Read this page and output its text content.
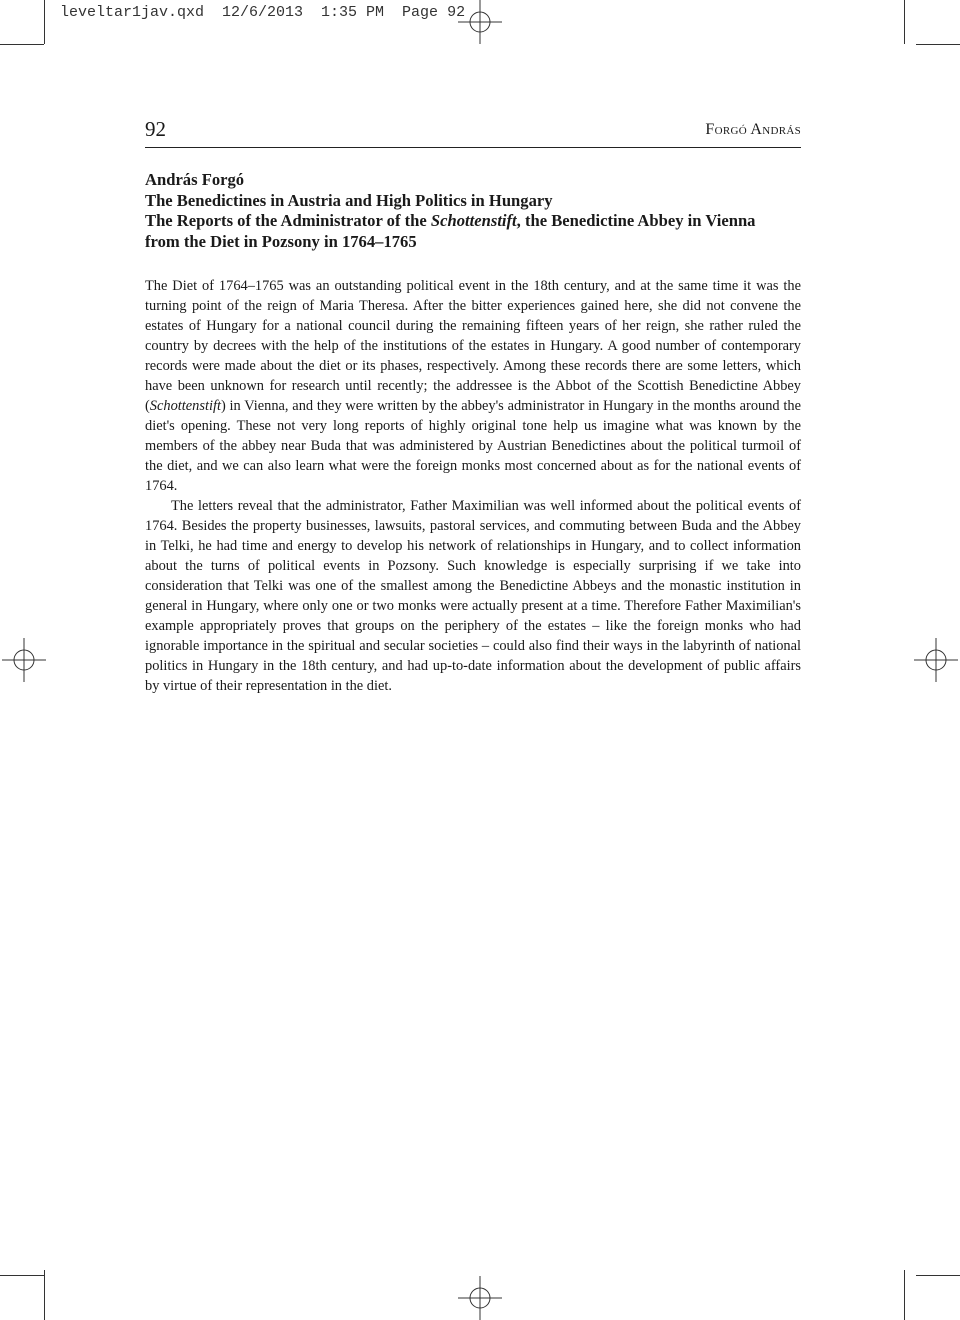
leveltar1jav.qxd  12/6/2013  1:35 PM  Page 92
92	Forgó András
András Forgó
The Benedictines in Austria and High Politics in Hungary
The Reports of the Administrator of the Schottenstift, the Benedictine Abbey in Vienna
from the Diet in Pozsony in 1764–1765

The Diet of 1764–1765 was an outstanding political event in the 18th century, and at the same time it was the turning point of the reign of Maria Theresa. After the bitter experiences gained here, she did not convene the estates of Hungary for a national council during the remaining fifteen years of her reign, she rather ruled the country by decrees with the help of the institutions of the estates in Hungary. A good number of contemporary records were made about the diet or its phases, respectively. Among these records there are some letters, which have been unknown for research until recently; the addressee is the Abbot of the Scottish Benedictine Abbey (Schottenstift) in Vienna, and they were written by the abbey's administrator in Hungary in the months around the diet's opening. These not very long reports of highly original tone help us imagine what was known by the members of the abbey near Buda that was administered by Austrian Benedictines about the political turmoil of the diet, and we can also learn what were the foreign monks most concerned about as for the national events of 1764.

The letters reveal that the administrator, Father Maximilian was well informed about the political events of 1764. Besides the property businesses, lawsuits, pastoral services, and commuting between Buda and the Abbey in Telki, he had time and energy to develop his network of relationships in Hungary, and to collect information about the turns of political events in Pozsony. Such knowledge is especially surprising if we take into consideration that Telki was one of the smallest among the Benedictine Abbeys and the monastic institution in general in Hungary, where only one or two monks were actually present at a time. Therefore Father Maximilian's example appropriately proves that groups on the periphery of the estates – like the foreign monks who had ignorable importance in the spiritual and secular societies – could also find their ways in the labyrinth of national politics in Hungary in the 18th century, and had up-to-date information about the development of public affairs by virtue of their representation in the diet.
